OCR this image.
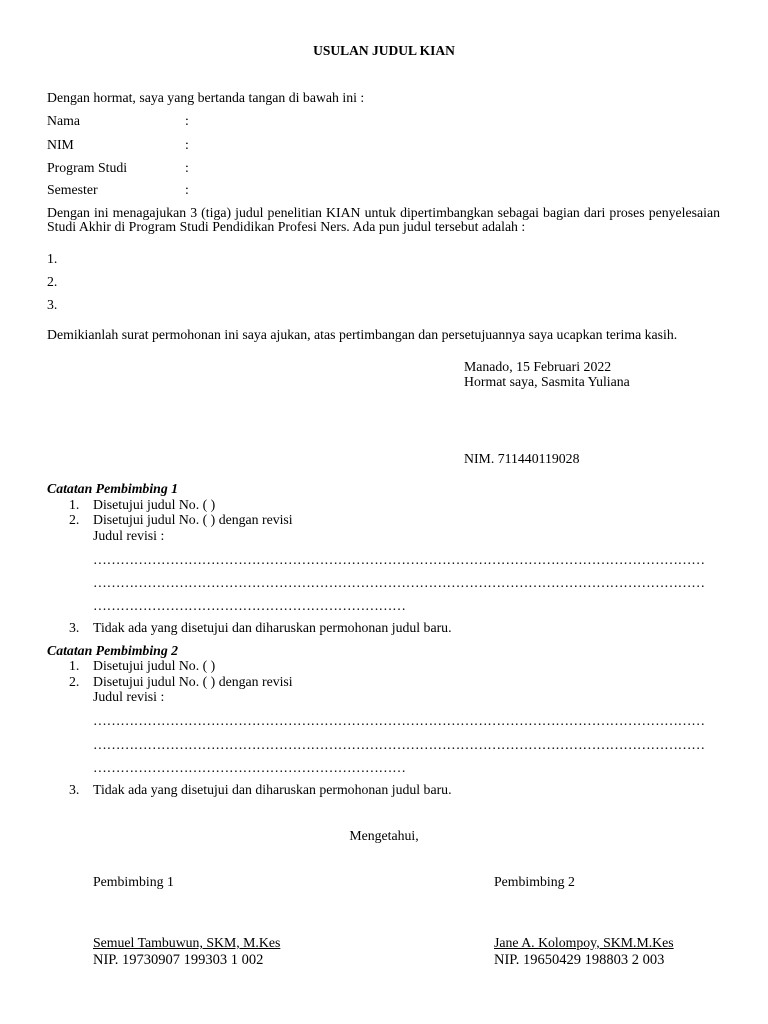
USULAN JUDUL KIAN
Dengan hormat, saya yang bertanda tangan di bawah ini :
Nama	:
NIM	:
Program Studi	:
Semester	:
Dengan ini menagajukan 3 (tiga) judul penelitian KIAN untuk dipertimbangkan sebagai bagian dari proses penyelesaian Studi Akhir di Program Studi Pendidikan Profesi Ners. Ada pun judul tersebut adalah :
1.
2.
3.
Demikianlah surat permohonan ini saya ajukan, atas pertimbangan dan persetujuannya saya ucapkan terima kasih.
Manado, 15 Februari 2022
Hormat saya, Sasmita Yuliana
NIM. 711440119028
Catatan Pembimbing 1
1. Disetujui judul No. ( )
2. Disetujui judul No. ( ) dengan revisi
Judul revisi :
………………………………………………………………………………………………………………………
………………………………………………………………………………………………………………………
……………………………………………………………
3. Tidak ada yang disetujui dan diharuskan permohonan judul baru.
Catatan Pembimbing 2
1. Disetujui judul No. ( )
2. Disetujui judul No. ( ) dengan revisi
Judul revisi :
………………………………………………………………………………………………………………………
………………………………………………………………………………………………………………………
……………………………………………………………
3. Tidak ada yang disetujui dan diharuskan permohonan judul baru.
Mengetahui,
Pembimbing 1	Pembimbing 2
Semuel Tambuwun, SKM, M.Kes	Jane A. Kolompoy, SKM.M.Kes
NIP. 19730907 199303 1 002	NIP. 19650429 198803 2 003
